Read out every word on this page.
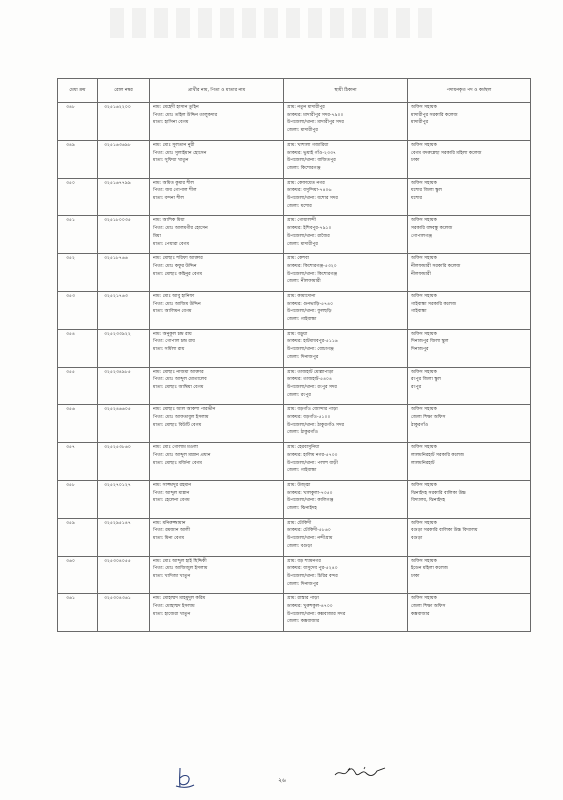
মেধা ক্রম	রোল নম্বর	প্রার্থীর নাম, পিতা ও মাতার নাম	স্থায়ী ঠিকানা	পদায়নকৃত পদ ও কর্মস্থল
৩৪৮	৩২৫১৬২২০০	নাম: মেহেদী হাসান তুহিন
পিতা: মোঃ তহিল উদ্দিন তালুকদার
মাতা: হাসিনা বেগম	গ্রাম: নতুন মাদারীপুর
ডাকঘর: মাদারীপুর সদর-৭৯০০
উপজেলা/থানা: মাদারীপুর সদর
জেলা: মাদারীপুর	অফিস সহায়ক
মাদারীপুর সরকারি কলেজ
মাদারীপুর

৩৪৯	৩২৫১৬৩৬৯৮	নাম: মোঃ সুলতান নুরী
পিতা: মোঃ সুলাইমান হোসেন
মাতা: সুফিয়া খাতুন	গ্রাম: খাশালা গজারিয়া
ডাকঘর: ভুয়াই গাঁও-২৩৩৭
উপজেলা/থানা: বাজিতপুর
জেলা: কিশোরগঞ্জ	অফিস সহায়ক
বেগম বদরুন্নেছা সরকারি মহিলা কলেজ
ঢাকা

৩৫০	৩২৫১৬৭৭৯৯	নাম: অমিত কুমার শীল
পিতা: জয় গোপাল শীল
মাতা: বন্দনা শীল	গ্রাম: কেফায়েত নগর
ডাকঘর: বসুন্দিয়া-৭৪০৬
উপজেলা/থানা: যশোর সদর
জেলা: যশোর	অফিস সহায়ক
যশোর জিলা স্কুল
যশোর

৩৫১	৩২৫১৮০০৩৫	নাম: আশিক মিয়া
পিতা: মোঃ আলমগীর হোসেন
মিয়া
মাতা: পেয়ারা বেগম	গ্রাম: গোয়ালন্দী
ডাকঘর: ইশিবপুর-৭৯১০
উপজেলা/থানা: রাজৈর
জেলা: মাদারীপুর	অফিস সহায়ক
সরকারি বঙ্গবন্ধু কলেজ
গোপালগঞ্জ

৩৫২	৩২৫১৮৭৬৬	নাম: মোছাঃ শরিফা আক্তার
পিতা: মোঃ কফুর উদ্দিন
মাতা: মোছাঃ কহিনুর বেগম	গ্রাম: কেশবা
ডাকঘর: কিশোরগঞ্জ-৫৩২০
উপজেলা/থানা: কিশোরগঞ্জ
জেলা: নীলফামারী	অফিস সহায়ক
নীলফামারী সরকারি কলেজ
নীলফামারী

৩৫৩	৩২৫২১৭৬৩	নাম: মোঃ আবু হানিফা
পিতা: মোঃ আজিম উদ্দিন
মাতা: আলিমন বেগম	গ্রাম: কামাদোনা
ডাকঘর: গুনভাড়ি-৫৭৪০
উপজেলা/থানা: ফুলছড়ি
জেলা: গাইবান্ধা	অফিস সহায়ক
গাইবান্ধা সরকারি কলেজ
গাইবান্ধা

৩৫৪	৩২৫২৩৩৯২২	নাম: অনুকূল চন্দ্র রায়
পিতা: গোপাল চন্দ্র রায়
মাতা: সর্মিলা রায়	গ্রাম: বড়ুয়া
ডাকঘর: হাটমাধবপুর-৫১১৬
উপজেলা/থানা: বোচাগঞ্জ
জেলা: দিনাজপুর	অফিস সহায়ক
দিনাজপুর জিলা স্কুল
দিনাজপুর

৩৫৫	৩২৫২৩৪৯৮৫	নাম: মোছাঃ নাজমা আক্তার
পিতা: মোঃ আব্দুল মোতালেব
মাতা: মোছাঃ আম্বিয়া বেগম	গ্রাম: তাজহাট মোল্লাপাড়া
ডাকঘর: তাজহাট-৫৪০৪
উপজেলা/থানা: রংপুর সদর
জেলা: রংপুর	অফিস সহায়ক
রংপুর জিলা স্কুল
রংপুর

৩৫৬	৩২৫২৪৬৬০৫	নাম: মোছাঃ আল আকশা পারভীন
পিতা: মোঃ আফতাবুল ইসলাম
মাতা: মোছাঃ বিউটি বেগম	গ্রাম: বড়গাঁও জোন্দার পাড়া
ডাকঘর: বড়গাঁও-৫১০০
উপজেলা/থানা: ঠাকুরগাঁও সদর
জেলা: ঠাকুরগাঁও	অফিস সহায়ক
জেলা শিক্ষা অফিস
ঠাকুরগাঁও

৩৫৭	৩২৫২৫৩৮৬০	নাম: মোঃ গোলাম মওলা
পিতা: মোঃ আব্দুল মান্নান প্রধান
মাতা: মোছাঃ মর্জিনা বেগম	গ্রাম: হেরবাসুনিয়া
ডাকঘর: হালিম নগর-৫৭০০
উপজেলা/থানা: পলাশ বাড়ী
জেলা: গাইবান্ধা	অফিস সহায়ক
লালমনিরহাট সরকারি কলেজ
লালমনিরহাট

৩৫৮	৩২৫২৭০১২৭	নাম: সাজ্জাদুর রহমান
পিতা: আব্দুল মান্নান
মাতা: হেলেনা বেগম	গ্রাম: উজ্জ্বা
ডাকঘর: খালকুলা-৭৩৫০
উপজেলা/থানা: কালিগঞ্জ
জেলা: ঝিনাইদহ	অফিস সহায়ক
ঝিনাইদহ সরকারি বালিকা উচ্চ
বিদ্যালয়, ঝিনাইদহ

৩৫৯	৩২৫২৯৫১৪৭	নাম: মনিরুজ্জামান
পিতা: রমজান আলী
মাতা: মিনা বেগম	গ্রাম: চৌকিদী
ডাকঘর: চৌকিদী-৫৮৬০
উপজেলা/থানা: নন্দীগ্রাম
জেলা: বগুড়া	অফিস সহায়ক
বগুড়া সরকারি বালিকা উচ্চ বিদ্যালয়
বগুড়া

৩৬০	৩২৫৩০৪০৫৫	নাম: মোঃ আব্দুল হাই ছিদ্দিকী
পিতা: মোঃ আজিজুল ইসলাম
মাতা: খাদিজা খাতুন	গ্রাম: বড় শ্যামনগর
ডাকঘর: বাসুদেব পুর-৫২৪০
উপজেলা/থানা: চিরির বন্দর
জেলা: দিনাজপুর	অফিস সহায়ক
ইডেন মহিলা কলেজ
ঢাকা

৩৬১	৩২৫৩০৪৩৬১	নাম: মোহাম্মদ মাহমুদুল করিম
পিতা: মোহাম্মদ ইসলাম
মাতা: হাজেরা খাতুন	গ্রাম: রাস্তার পাড়া
ডাকঘর: খুরুশকুল-৪৭০০
উপজেলা/থানা: কক্সবাজার সদর
জেলা: কক্সবাজার	অফিস সহায়ক
জেলা শিক্ষা অফিস
কক্সবাজার
২৬
